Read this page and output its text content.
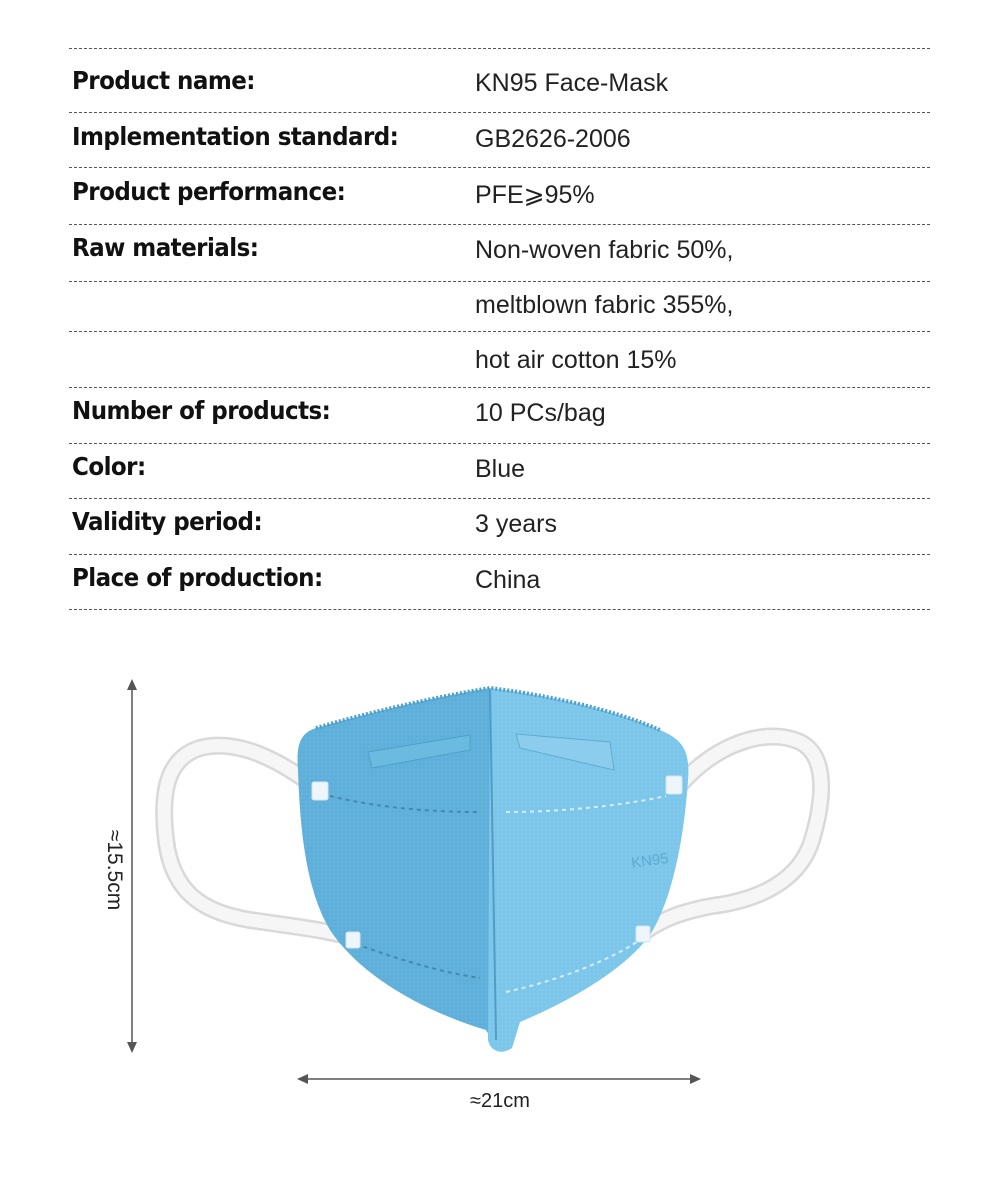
Product name:	KN95 Face-Mask
Implementation standard:	GB2626-2006
Product performance:	PFE⩾95%
Raw materials:	Non-woven fabric 50%,
meltblown fabric 355%,
hot air cotton 15%
Number of products:	10 PCs/bag
Color:	Blue
Validity period:	3 years
Place of production:	China
KN95
≈15.5cm
≈21cm
